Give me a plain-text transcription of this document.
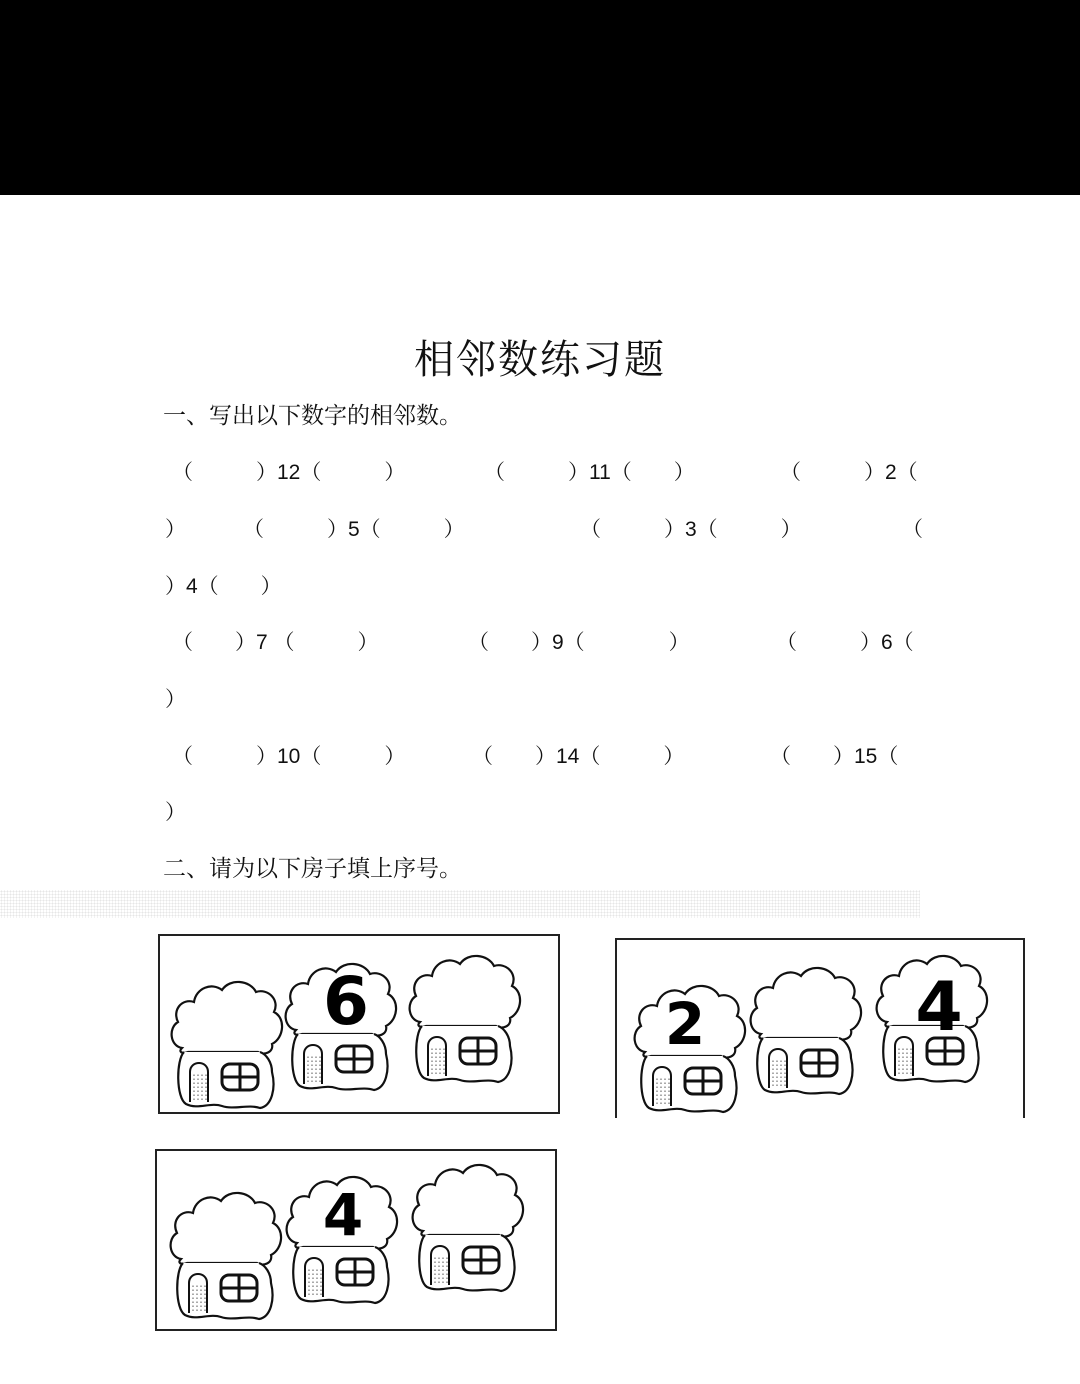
相邻数练习题
一、写出以下数字的相邻数。
（　　　）12（　　　）	（　　　）11（　　）	（　　　）2（
）	（　　　）5（　　　）	（　　　）3（　　　）	（
）4（　　）
（　　）7 （　　　）	（　　）9（　　　　）	（　　　）6（
）
（　　　）10（　　　）	（　　）14（　　　）	（　　）15（
）
二、请为以下房子填上序号。
6	2	4
4
